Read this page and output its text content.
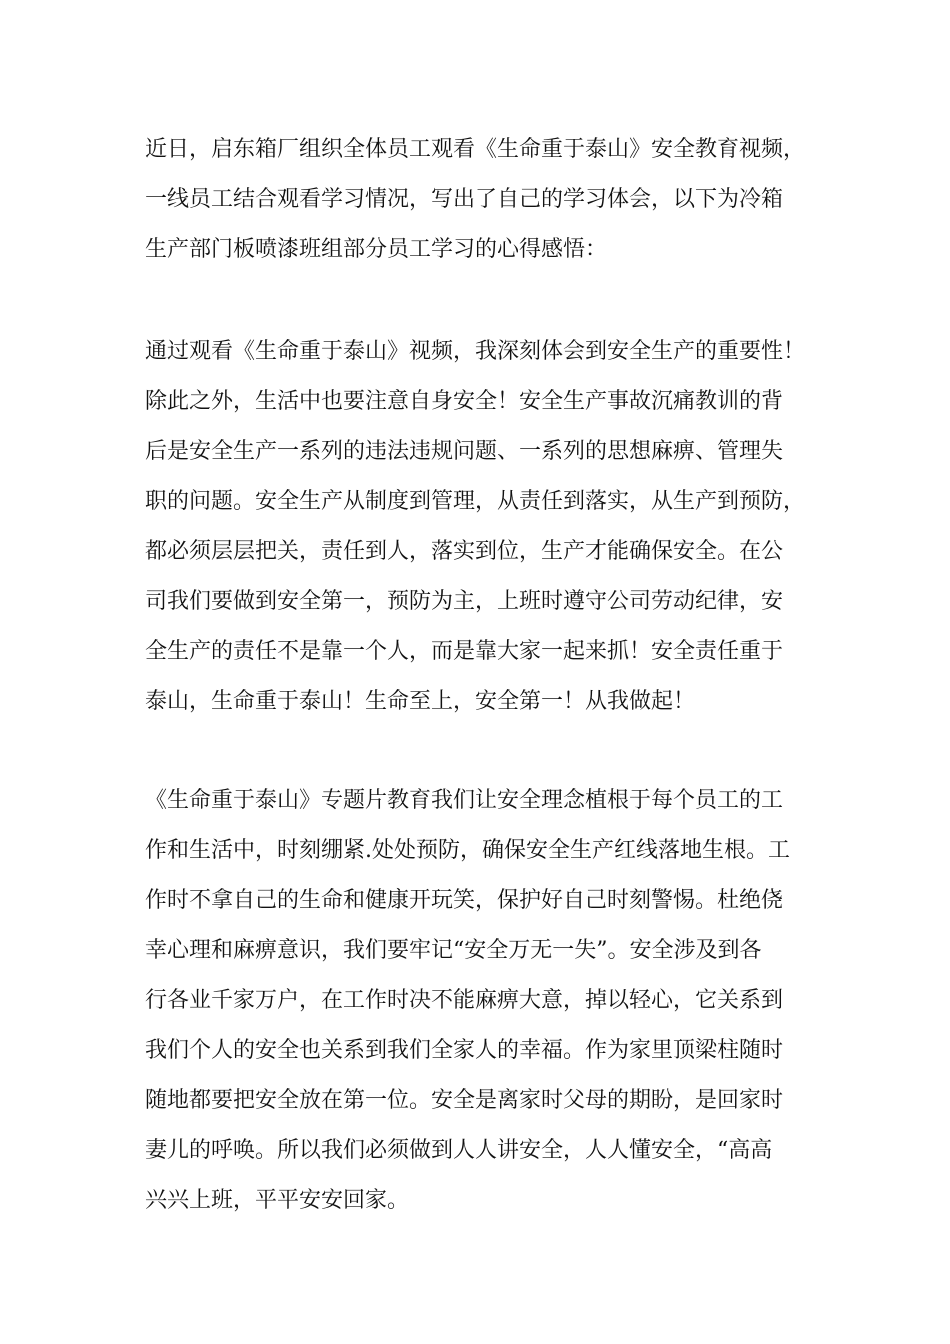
近日，启东箱厂组织全体员工观看《生命重于泰山》安全教育视频，
一线员工结合观看学习情况，写出了自己的学习体会，以下为冷箱
生产部门板喷漆班组部分员工学习的心得感悟：

通过观看《生命重于泰山》视频，我深刻体会到安全生产的重要性！
除此之外，生活中也要注意自身安全！安全生产事故沉痛教训的背
后是安全生产一系列的违法违规问题、一系列的思想麻痹、管理失
职的问题。安全生产从制度到管理，从责任到落实，从生产到预防，
都必须层层把关，责任到人，落实到位，生产才能确保安全。在公
司我们要做到安全第一，预防为主，上班时遵守公司劳动纪律，安
全生产的责任不是靠一个人，而是靠大家一起来抓！安全责任重于
泰山，生命重于泰山！生命至上，安全第一！从我做起！

《生命重于泰山》专题片教育我们让安全理念植根于每个员工的工
作和生活中，时刻绷紧.处处预防，确保安全生产红线落地生根。工
作时不拿自己的生命和健康开玩笑，保护好自己时刻警惕。杜绝侥
幸心理和麻痹意识，我们要牢记“安全万无一失”。安全涉及到各
行各业千家万户，在工作时决不能麻痹大意，掉以轻心，它关系到
我们个人的安全也关系到我们全家人的幸福。作为家里顶梁柱随时
随地都要把安全放在第一位。安全是离家时父母的期盼，是回家时
妻儿的呼唤。所以我们必须做到人人讲安全，人人懂安全，“高高
兴兴上班，平平安安回家。
